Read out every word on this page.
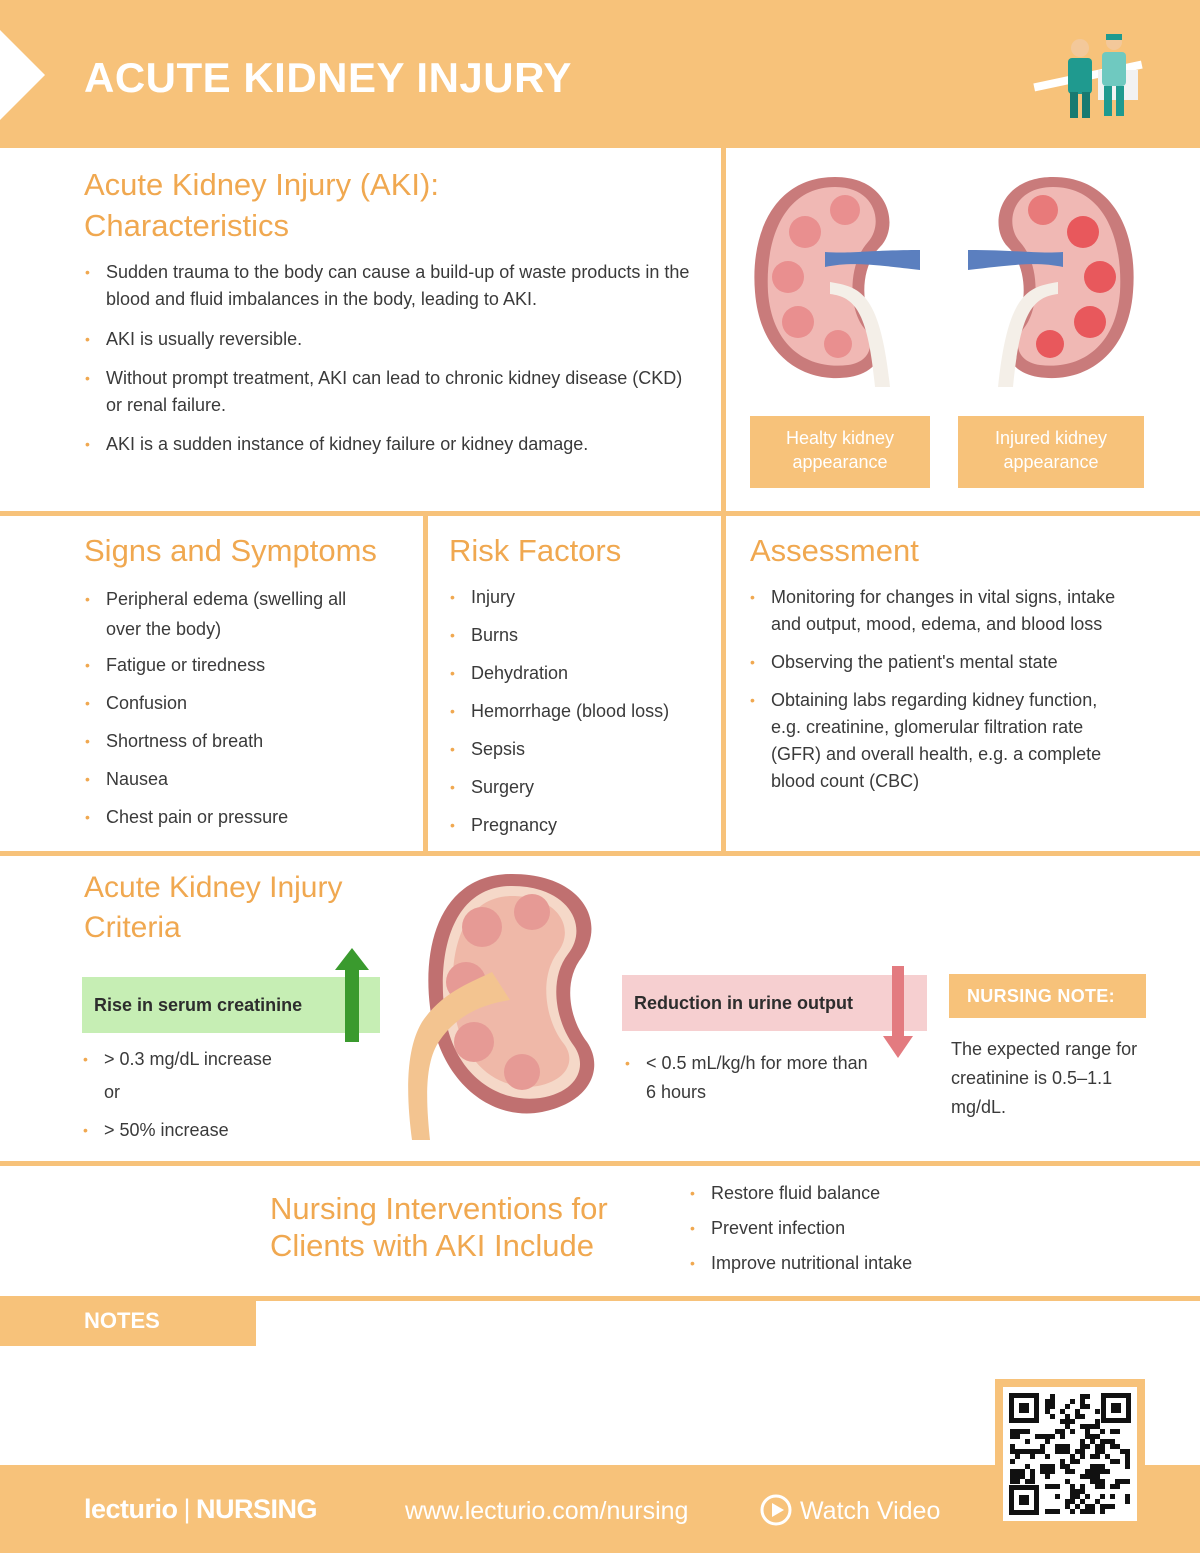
ACUTE KIDNEY INJURY
Acute Kidney Injury (AKI):
Characteristics
• Sudden trauma to the body can cause a build-up of waste products in the blood and fluid imbalances in the body, leading to AKI.
• AKI is usually reversible.
• Without prompt treatment, AKI can lead to chronic kidney disease (CKD) or renal failure.
• AKI is a sudden instance of kidney failure or kidney damage.	Healty kidney
appearance
Injured kidney
appearance
Signs and Symptoms
• Peripheral edema (swelling all over the body)
• Fatigue or tiredness
• Confusion
• Shortness of breath
• Nausea
• Chest pain or pressure
Risk Factors
• Injury
• Burns
• Dehydration
• Hemorrhage (blood loss)
• Sepsis
• Surgery
• Pregnancy
Assessment
• Monitoring for changes in vital signs, intake and output, mood, edema, and blood loss
• Observing the patient's mental state
• Obtaining labs regarding kidney function, e.g. creatinine, glomerular filtration rate (GFR) and overall health, e.g. a complete blood count (CBC)
Acute Kidney Injury
Criteria
Rise in serum creatinine
• > 0.3 mg/dL increase
or
• > 50% increase
Reduction in urine output
• < 0.5 mL/kg/h for more than 6 hours
NURSING NOTE:
The expected range for creatinine is 0.5–1.1 mg/dL.
Nursing Interventions for
Clients with AKI Include
• Restore fluid balance
• Prevent infection
• Improve nutritional intake
NOTES
lecturio | NURSING	www.lecturio.com/nursing	Watch Video
